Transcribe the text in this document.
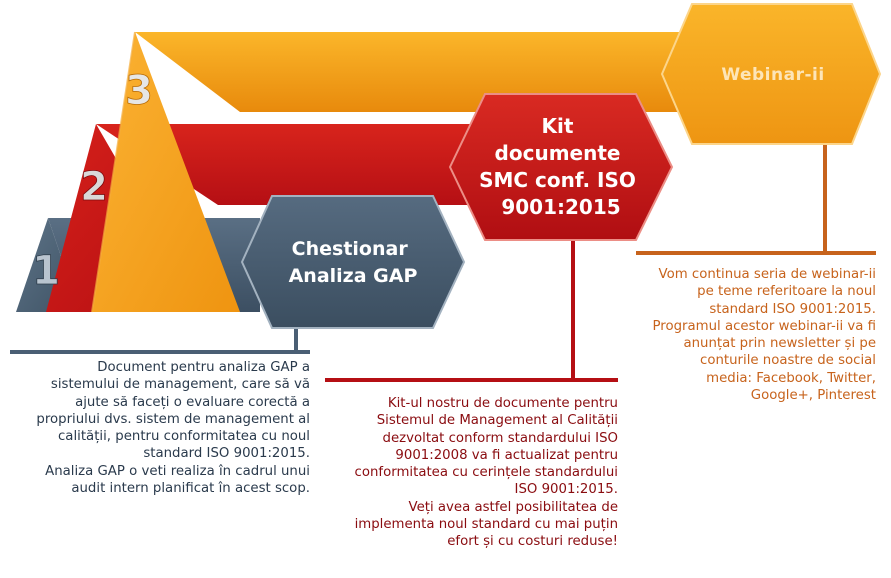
1
2
3	Webinar-ii
Kit documente SMC conf. ISO 9001:2015
Chestionar Analiza GAP
Document pentru analiza GAP a
sistemului de management, care să vă
ajute să faceți o evaluare corectă a
propriului dvs. sistem de management al
calității, pentru conformitatea cu noul
standard ISO 9001:2015.
Analiza GAP o veti realiza în cadrul unui
audit intern planificat în acest scop.
Kit-ul nostru de documente pentru
Sistemul de Management al Calității
dezvoltat conform standardului ISO
9001:2008 va fi actualizat pentru
conformitatea cu cerințele standardului
ISO 9001:2015.
Veți avea astfel posibilitatea de
implementa noul standard cu mai puțin
efort și cu costuri reduse!
Vom continua seria de webinar-ii
pe teme referitoare la noul
standard ISO 9001:2015.
Programul acestor webinar-ii va fi
anunțat prin newsletter și pe
conturile noastre de social
media: Facebook, Twitter,
Google+, Pinterest
